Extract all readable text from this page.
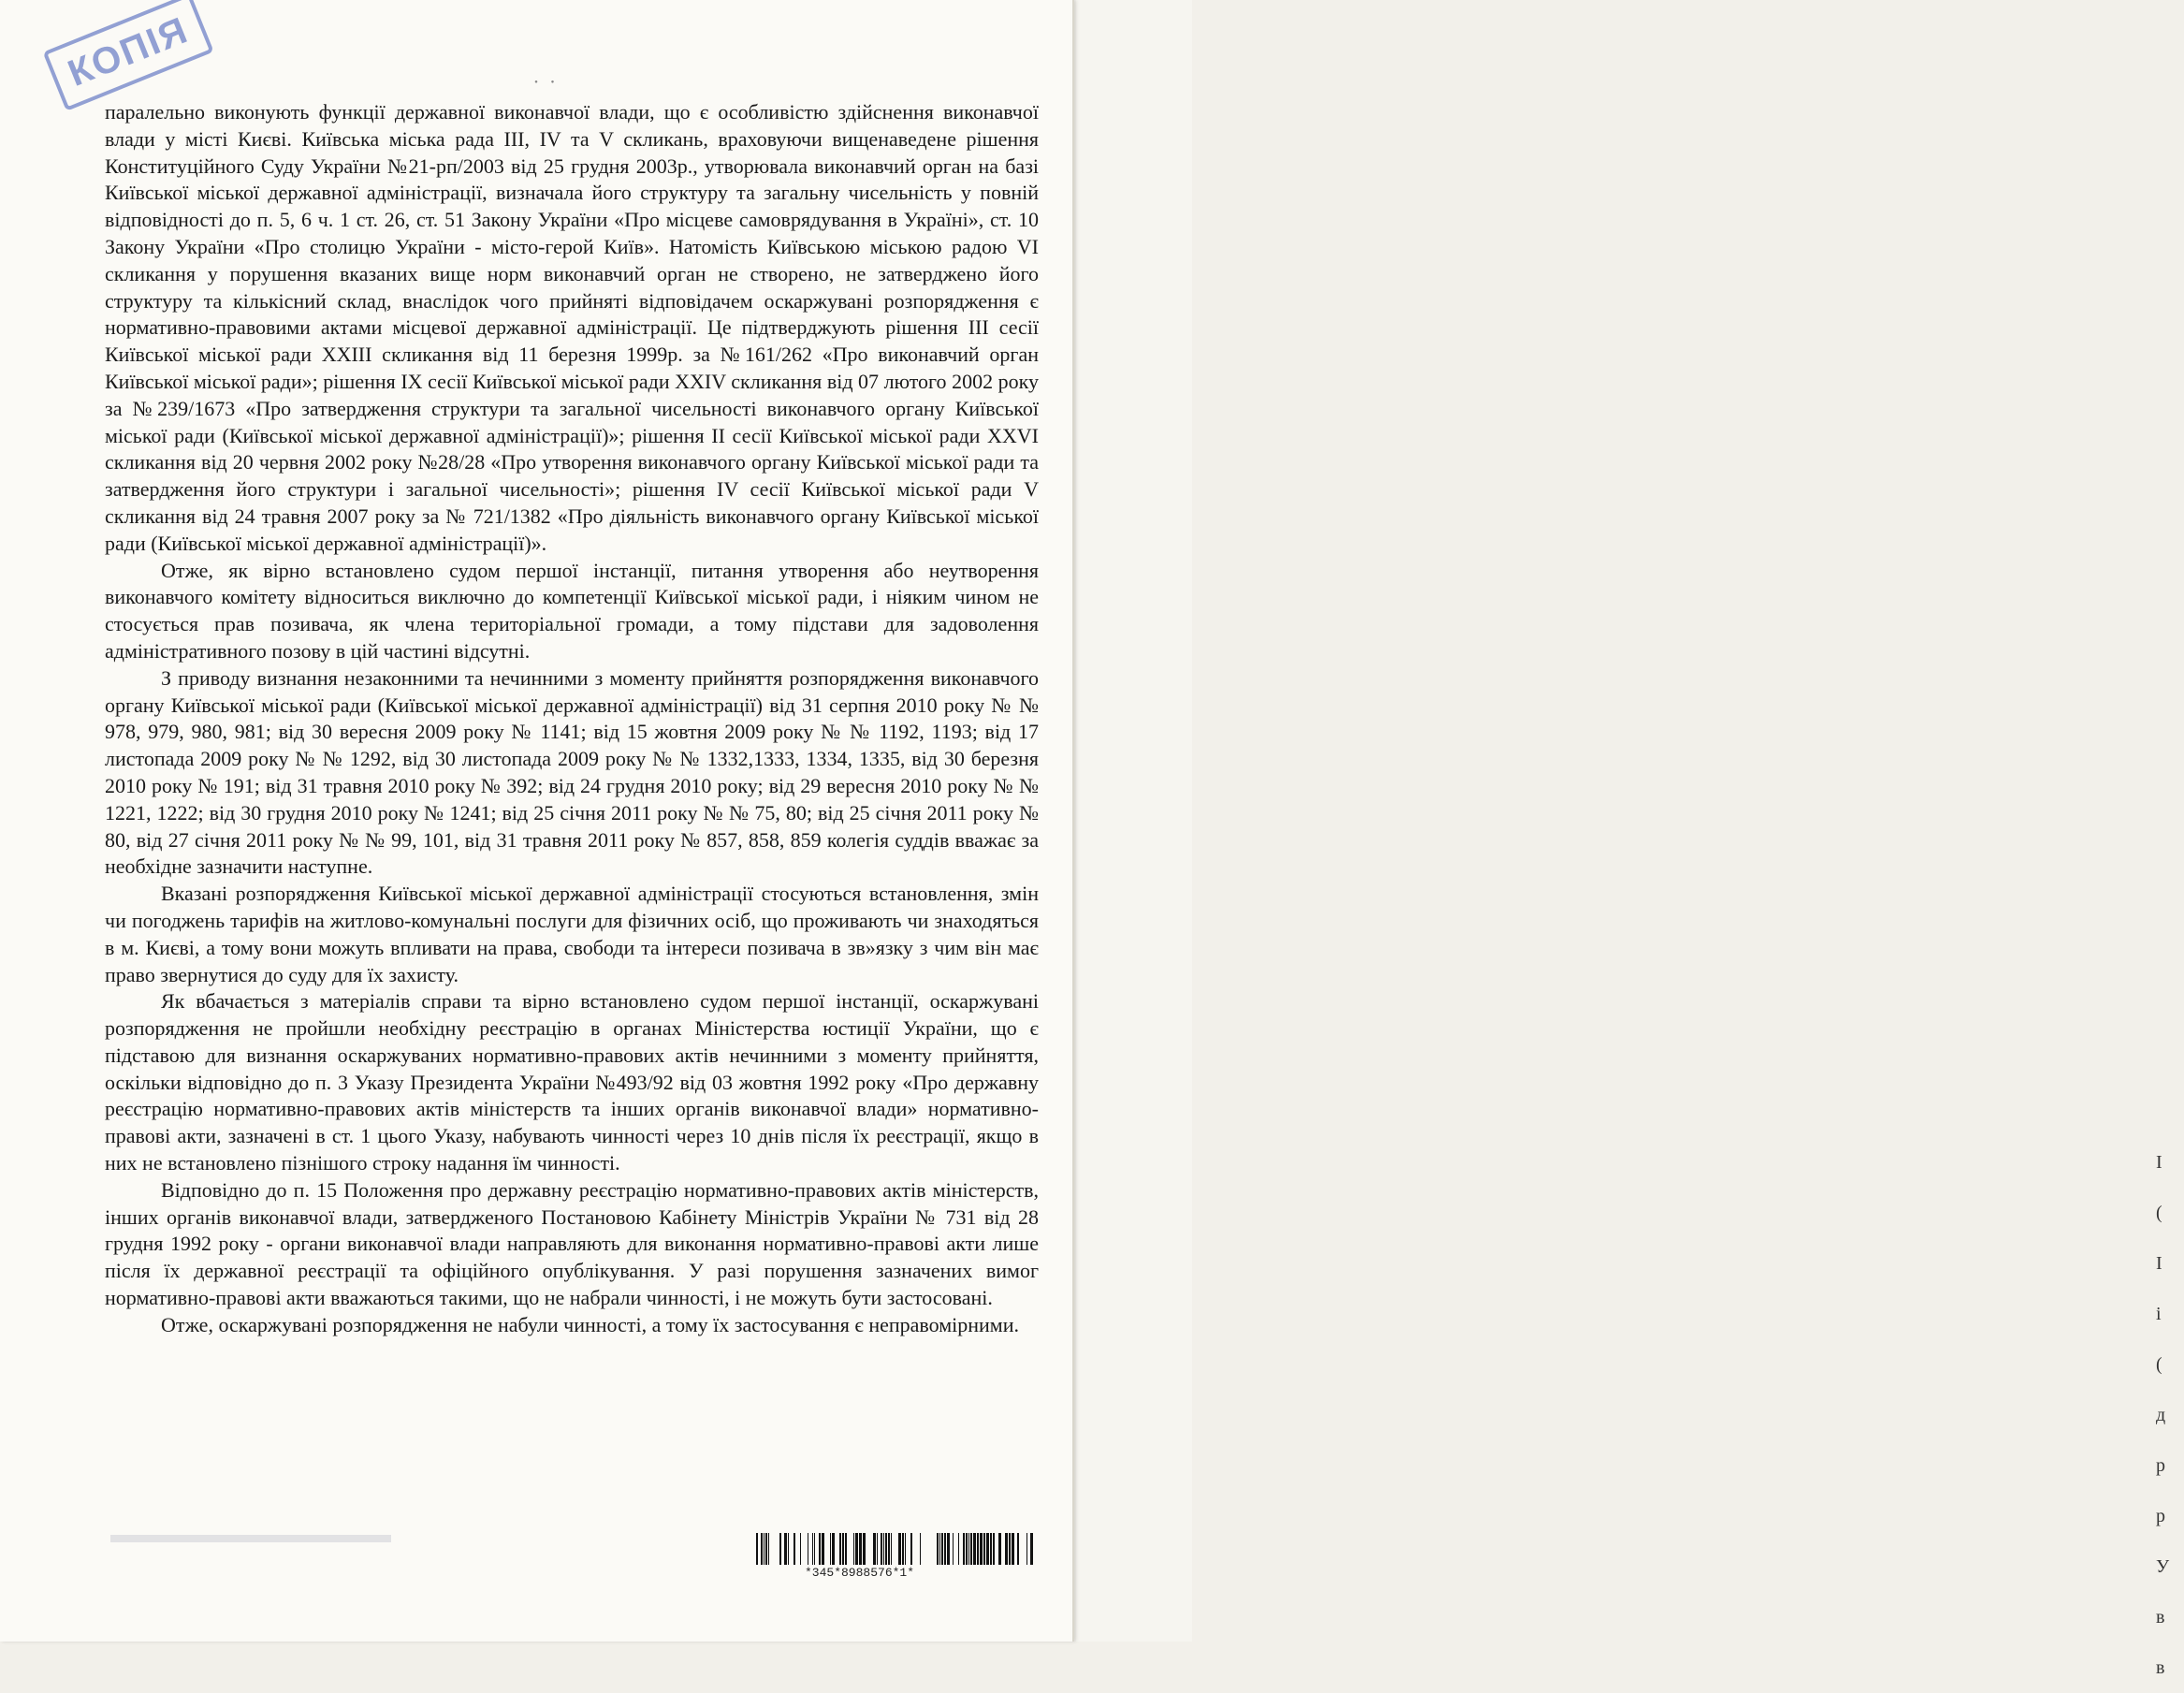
І
(
І
і
(
д
р
р
У
в
в
・ ・
КОПІЯ

паралельно виконують функції державної виконавчої влади, що є особливістю здійснення виконавчої влади у місті Києві. Київська міська рада III, IV та V скликань, враховуючи вищенаведене рішення Конституційного Суду України №21-рп/2003 від 25 грудня 2003р., утворювала виконавчий орган на базі Київської міської державної адміністрації, визначала його структуру та загальну чисельність у повній відповідності до п. 5, 6 ч. 1 ст. 26, ст. 51 Закону України «Про місцеве самоврядування в Україні», ст. 10 Закону України «Про столицю України - місто-герой Київ». Натомість Київською міською радою VI скликання у порушення вказаних вище норм виконавчий орган не створено, не затверджено його структуру та кількісний склад, внаслідок чого прийняті відповідачем оскаржувані розпорядження є нормативно-правовими актами місцевої державної адміністрації. Це підтверджують рішення III сесії Київської міської ради XXIII скликання від 11 березня 1999р. за №161/262 «Про виконавчий орган Київської міської ради»; рішення IX сесії Київської міської ради XXIV скликання від 07 лютого 2002 року за №239/1673 «Про затвердження структури та загальної чисельності виконавчого органу Київської міської ради (Київської міської державної адміністрації)»; рішення II сесії Київської міської ради XXVI скликання від 20 червня 2002 року №28/28 «Про утворення виконавчого органу Київської міської ради та затвердження його структури і загальної чисельності»; рішення IV сесії Київської міської ради V скликання від 24 травня 2007 року за № 721/1382 «Про діяльність виконавчого органу Київської міської ради (Київської міської державної адміністрації)».

Отже, як вірно встановлено судом першої інстанції, питання утворення або неутворення виконавчого комітету відноситься виключно до компетенції Київської міської ради, і ніяким чином не стосується прав позивача, як члена територіальної громади, а тому підстави для задоволення адміністративного позову в цій частині відсутні.

З приводу визнання незаконними та нечинними з моменту прийняття розпорядження виконавчого органу Київської міської ради (Київської міської державної адміністрації) від 31 серпня 2010 року № № 978, 979, 980, 981; від 30 вересня 2009 року № 1141; від 15 жовтня 2009 року № № 1192, 1193; від 17 листопада 2009 року № № 1292, від 30 листопада 2009 року № № 1332,1333, 1334, 1335, від 30 березня 2010 року № 191; від 31 травня 2010 року № 392; від 24 грудня 2010 року; від 29 вересня 2010 року № № 1221, 1222; від 30 грудня 2010 року № 1241; від 25 січня 2011 року № № 75, 80; від 25 січня 2011 року № 80, від 27 січня 2011 року № № 99, 101, від 31 травня 2011 року № 857, 858, 859 колегія суддів вважає за необхідне зазначити наступне.

Вказані розпорядження Київської міської державної адміністрації стосуються встановлення, змін чи погоджень тарифів на житлово-комунальні послуги для фізичних осіб, що проживають чи знаходяться в м. Києві, а тому вони можуть впливати на права, свободи та інтереси позивача в зв»язку з чим він має право звернутися до суду для їх захисту.

Як вбачається з матеріалів справи та вірно встановлено судом першої інстанції, оскаржувані розпорядження не пройшли необхідну реєстрацію в органах Міністерства юстиції України, що є підставою для визнання оскаржуваних нормативно-правових актів нечинними з моменту прийняття, оскільки відповідно до п. 3 Указу Президента України №493/92 від 03 жовтня 1992 року «Про державну реєстрацію нормативно-правових актів міністерств та інших органів виконавчої влади» нормативно-правові акти, зазначені в ст. 1 цього Указу, набувають чинності через 10 днів після їх реєстрації, якщо в них не встановлено пізнішого строку надання їм чинності.

Відповідно до п. 15 Положення про державну реєстрацію нормативно-правових актів міністерств, інших органів виконавчої влади, затвердженого Постановою Кабінету Міністрів України № 731 від 28 грудня 1992 року - органи виконавчої влади направляють для виконання нормативно-правові акти лише після їх державної реєстрації та офіційного опублікування. У разі порушення зазначених вимог нормативно-правові акти вважаються такими, що не набрали чинності, і не можуть бути застосовані.

Отже, оскаржувані розпорядження не набули чинності, а тому їх застосування є неправомірними.

*345*8988576*1*
